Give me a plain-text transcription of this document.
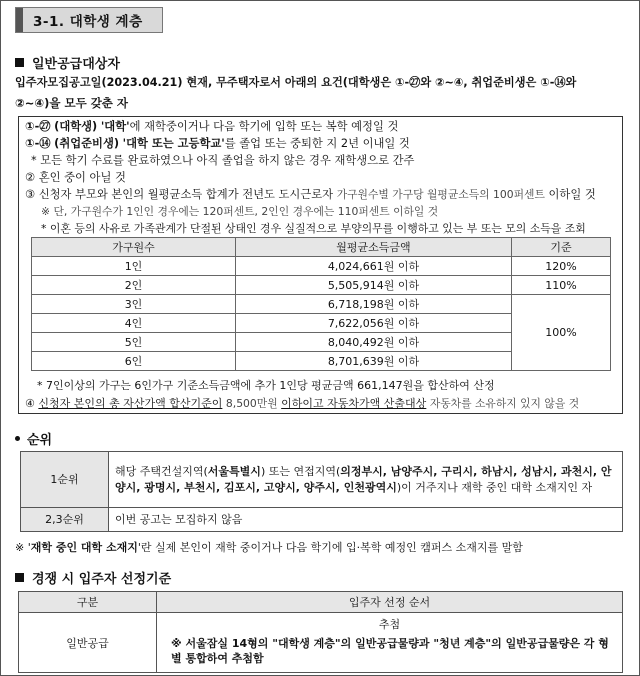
3-1. 대학생 계층
일반공급대상자
입주자모집공고일(2023.04.21) 현재, 무주택자로서 아래의 요건(대학생은 ①-㉗와 ②~④, 취업준비생은 ①-⑭와
②~④)을 모두 갖춘 자
①-㉗ (대학생) '대학'에 재학중이거나 다음 학기에 입학 또는 복학 예정일 것
①-⑭ (취업준비생) '대학 또는 고등학교'를 졸업 또는 중퇴한 지 2년 이내일 것
* 모든 학기 수료를 완료하였으나 아직 졸업을 하지 않은 경우 재학생으로 간주
② 혼인 중이 아닐 것
③ 신청자 부모와 본인의 월평균소득 합계가 전년도 도시근로자 가구원수별 가구당 월평균소득의 100퍼센트 이하일 것
※ 단, 가구원수가 1인인 경우에는 120퍼센트, 2인인 경우에는 110퍼센트 이하일 것
* 이혼 등의 사유로 가족관계가 단절된 상태인 경우 실질적으로 부양의무를 이행하고 있는 부 또는 모의 소득을 조회
가구원수	월평균소득금액	기준
1인	4,024,661원 이하	120%
2인	5,505,914원 이하	110%
3인	6,718,198원 이하	100%
4인	7,622,056원 이하	
5인	8,040,492원 이하	
6인	8,701,639원 이하	
* 7인이상의 가구는 6인가구 기준소득금액에 추가 1인당 평균금액 661,147원을 합산하여 산정
④ 신청자 본인의 총 자산가액 합산기준이 8,500만원 이하이고 자동차가액 산출대상 자동차를 소유하지 있지 않을 것
순위
1순위	해당 주택건설지역(서울특별시) 또는 연접지역(의정부시, 남양주시, 구리시, 하남시, 성남시, 과천시, 안양시, 광명시, 부천시, 김포시, 고양시, 양주시, 인천광역시)이 거주지나 재학 중인 대학 소재지인 자
2,3순위	이번 공고는 모집하지 않음
※ '재학 중인 대학 소재지'란 실제 본인이 재학 중이거나 다음 학기에 입·복학 예정인 캠퍼스 소재지를 말함
경쟁 시 입주자 선정기준
구분	입주자 선정 순서
일반공급	추첨
※ 서울잠실 14형의 "대학생 계층"의 일반공급물량과 "청년 계층"의 일반공급물량은 각 형별 통합하여 추첨함
